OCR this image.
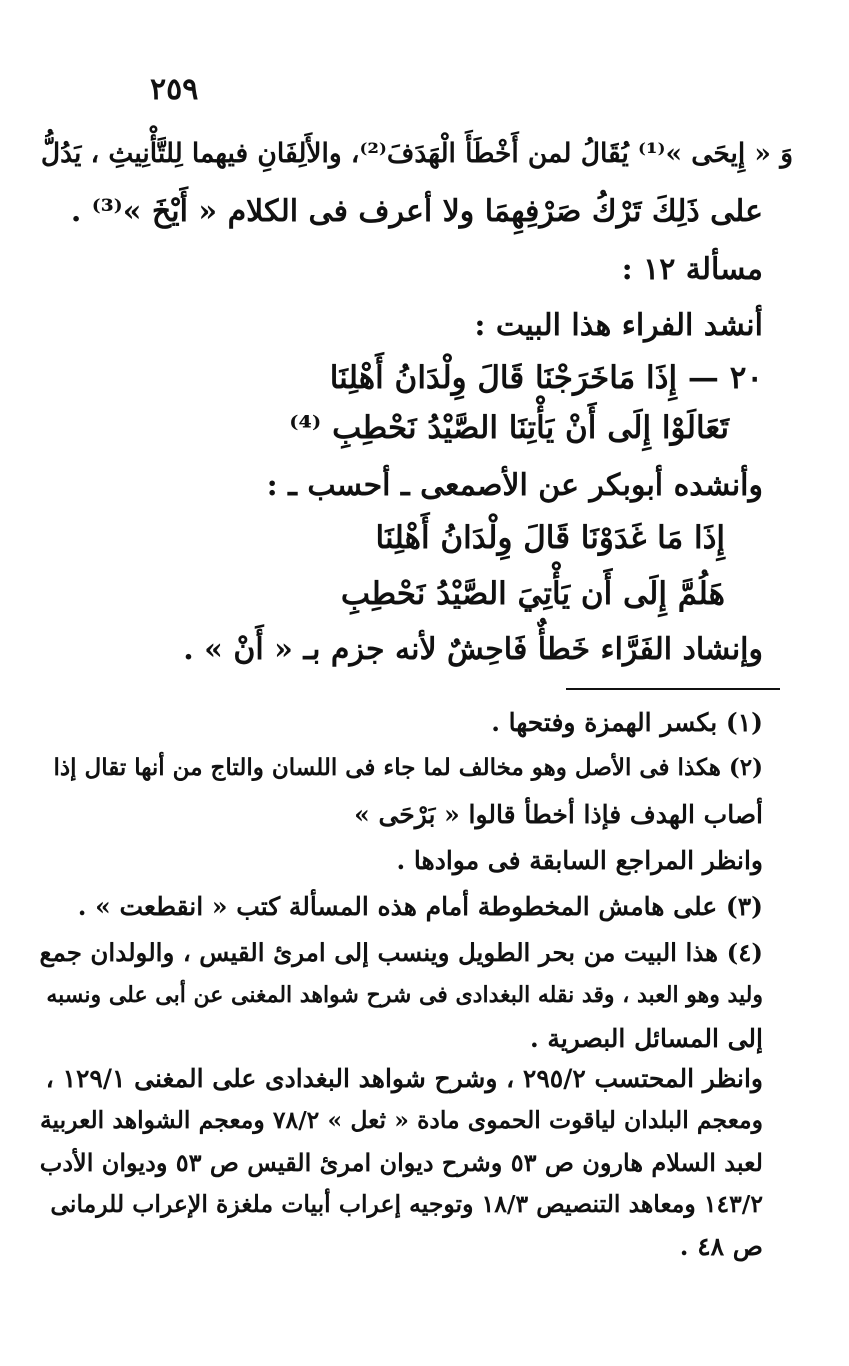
٢٥٩
وَ « إِيحَى »⁽¹⁾ يُقَالُ لمن أَخْطَأَ الْهَدَفَ⁽²⁾، والأَلِفَانِ فيهما لِلتَّأْنِيثِ ، يَدُلُّ
على ذَلِكَ تَرْكُ صَرْفِهِمَا ولا أعرف فى الكلام « أَيْخَ »⁽³⁾ .
مسألة ١٢ :
أنشد الفراء هذا البيت :
٢٠ — إِذَا مَاخَرَجْنَا قَالَ وِلْدَانُ أَهْلِنَا
تَعَالَوْا إِلَى أَنْ يَأْتِنَا الصَّيْدُ نَحْطِبِ ⁽⁴⁾
وأنشده أبوبكر عن الأصمعى ـ أحسب ـ :
إِذَا مَا غَدَوْنَا قَالَ وِلْدَانُ أَهْلِنَا
هَلُمَّ إِلَى أَن يَأْتِيَ الصَّيْدُ نَحْطِبِ
وإنشاد الفَرَّاء خَطأٌ فَاحِشٌ لأنه جزم بـ « أَنْ » .
(١) بكسر الهمزة وفتحها .
(٢) هكذا فى الأصل وهو مخالف لما جاء فى اللسان والتاج من أنها تقال إذا
أصاب الهدف فإذا أخطأ قالوا « بَرْحَى »
وانظر المراجع السابقة فى موادها .
(٣) على هامش المخطوطة أمام هذه المسألة كتب « انقطعت » .
(٤) هذا البيت من بحر الطويل وينسب إلى امرئ القيس ، والولدان جمع
وليد وهو العبد ، وقد نقله البغدادى فى شرح شواهد المغنى عن أبى على ونسبه
إلى المسائل البصرية .
وانظر المحتسب ٢٩٥/٢ ، وشرح شواهد البغدادى على المغنى ١٢٩/١ ،
ومعجم البلدان لياقوت الحموى مادة « ثعل » ٧٨/٢ ومعجم الشواهد العربية
لعبد السلام هارون ص ٥٣ وشرح ديوان امرئ القيس ص ٥٣ وديوان الأدب
١٤٣/٢ ومعاهد التنصيص ١٨/٣ وتوجيه إعراب أبيات ملغزة الإعراب للرمانى
ص ٤٨ .
